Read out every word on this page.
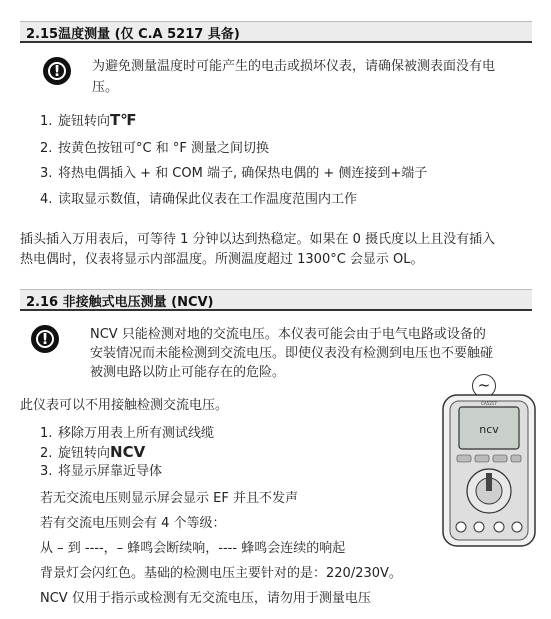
2.15温度测量 (仅 C.A 5217 具备)
!	为避免测量温度时可能产生的电击或损坏仪表，请确保被测表面没有电
压。
1. 旋钮转向T℉
2. 按黄色按钮可°C 和 °F 测量之间切换
3. 将热电偶插入 + 和 COM 端子, 确保热电偶的 + 侧连接到+端子
4. 读取显示数值，请确保此仪表在工作温度范围内工作
插头插入万用表后，可等待 1 分钟以达到热稳定。如果在 0 摄氏度以上且没有插入
热电偶时，仪表将显示内部温度。所测温度超过 1300°C 会显示 OL。
2.16 非接触式电压测量 (NCV)
!	NCV 只能检测对地的交流电压。本仪表可能会由于电气电路或设备的
安装情况而未能检测到交流电压。即使仪表没有检测到电压也不要触碰
被测电路以防止可能存在的危险。
~
此仪表可以不用接触检测交流电压。
1. 移除万用表上所有测试线缆
2. 旋钮转向NCV
3. 将显示屏靠近导体
若无交流电压则显示屏会显示 EF 并且不发声
若有交流电压则会有 4 个等级：
从 – 到 ----，– 蜂鸣会断续响，---- 蜂鸣会连续的响起
背景灯会闪红色。基础的检测电压主要针对的是：220/230V。
NCV 仅用于指示或检测有无交流电压，请勿用于测量电压
ncv
CA5217
